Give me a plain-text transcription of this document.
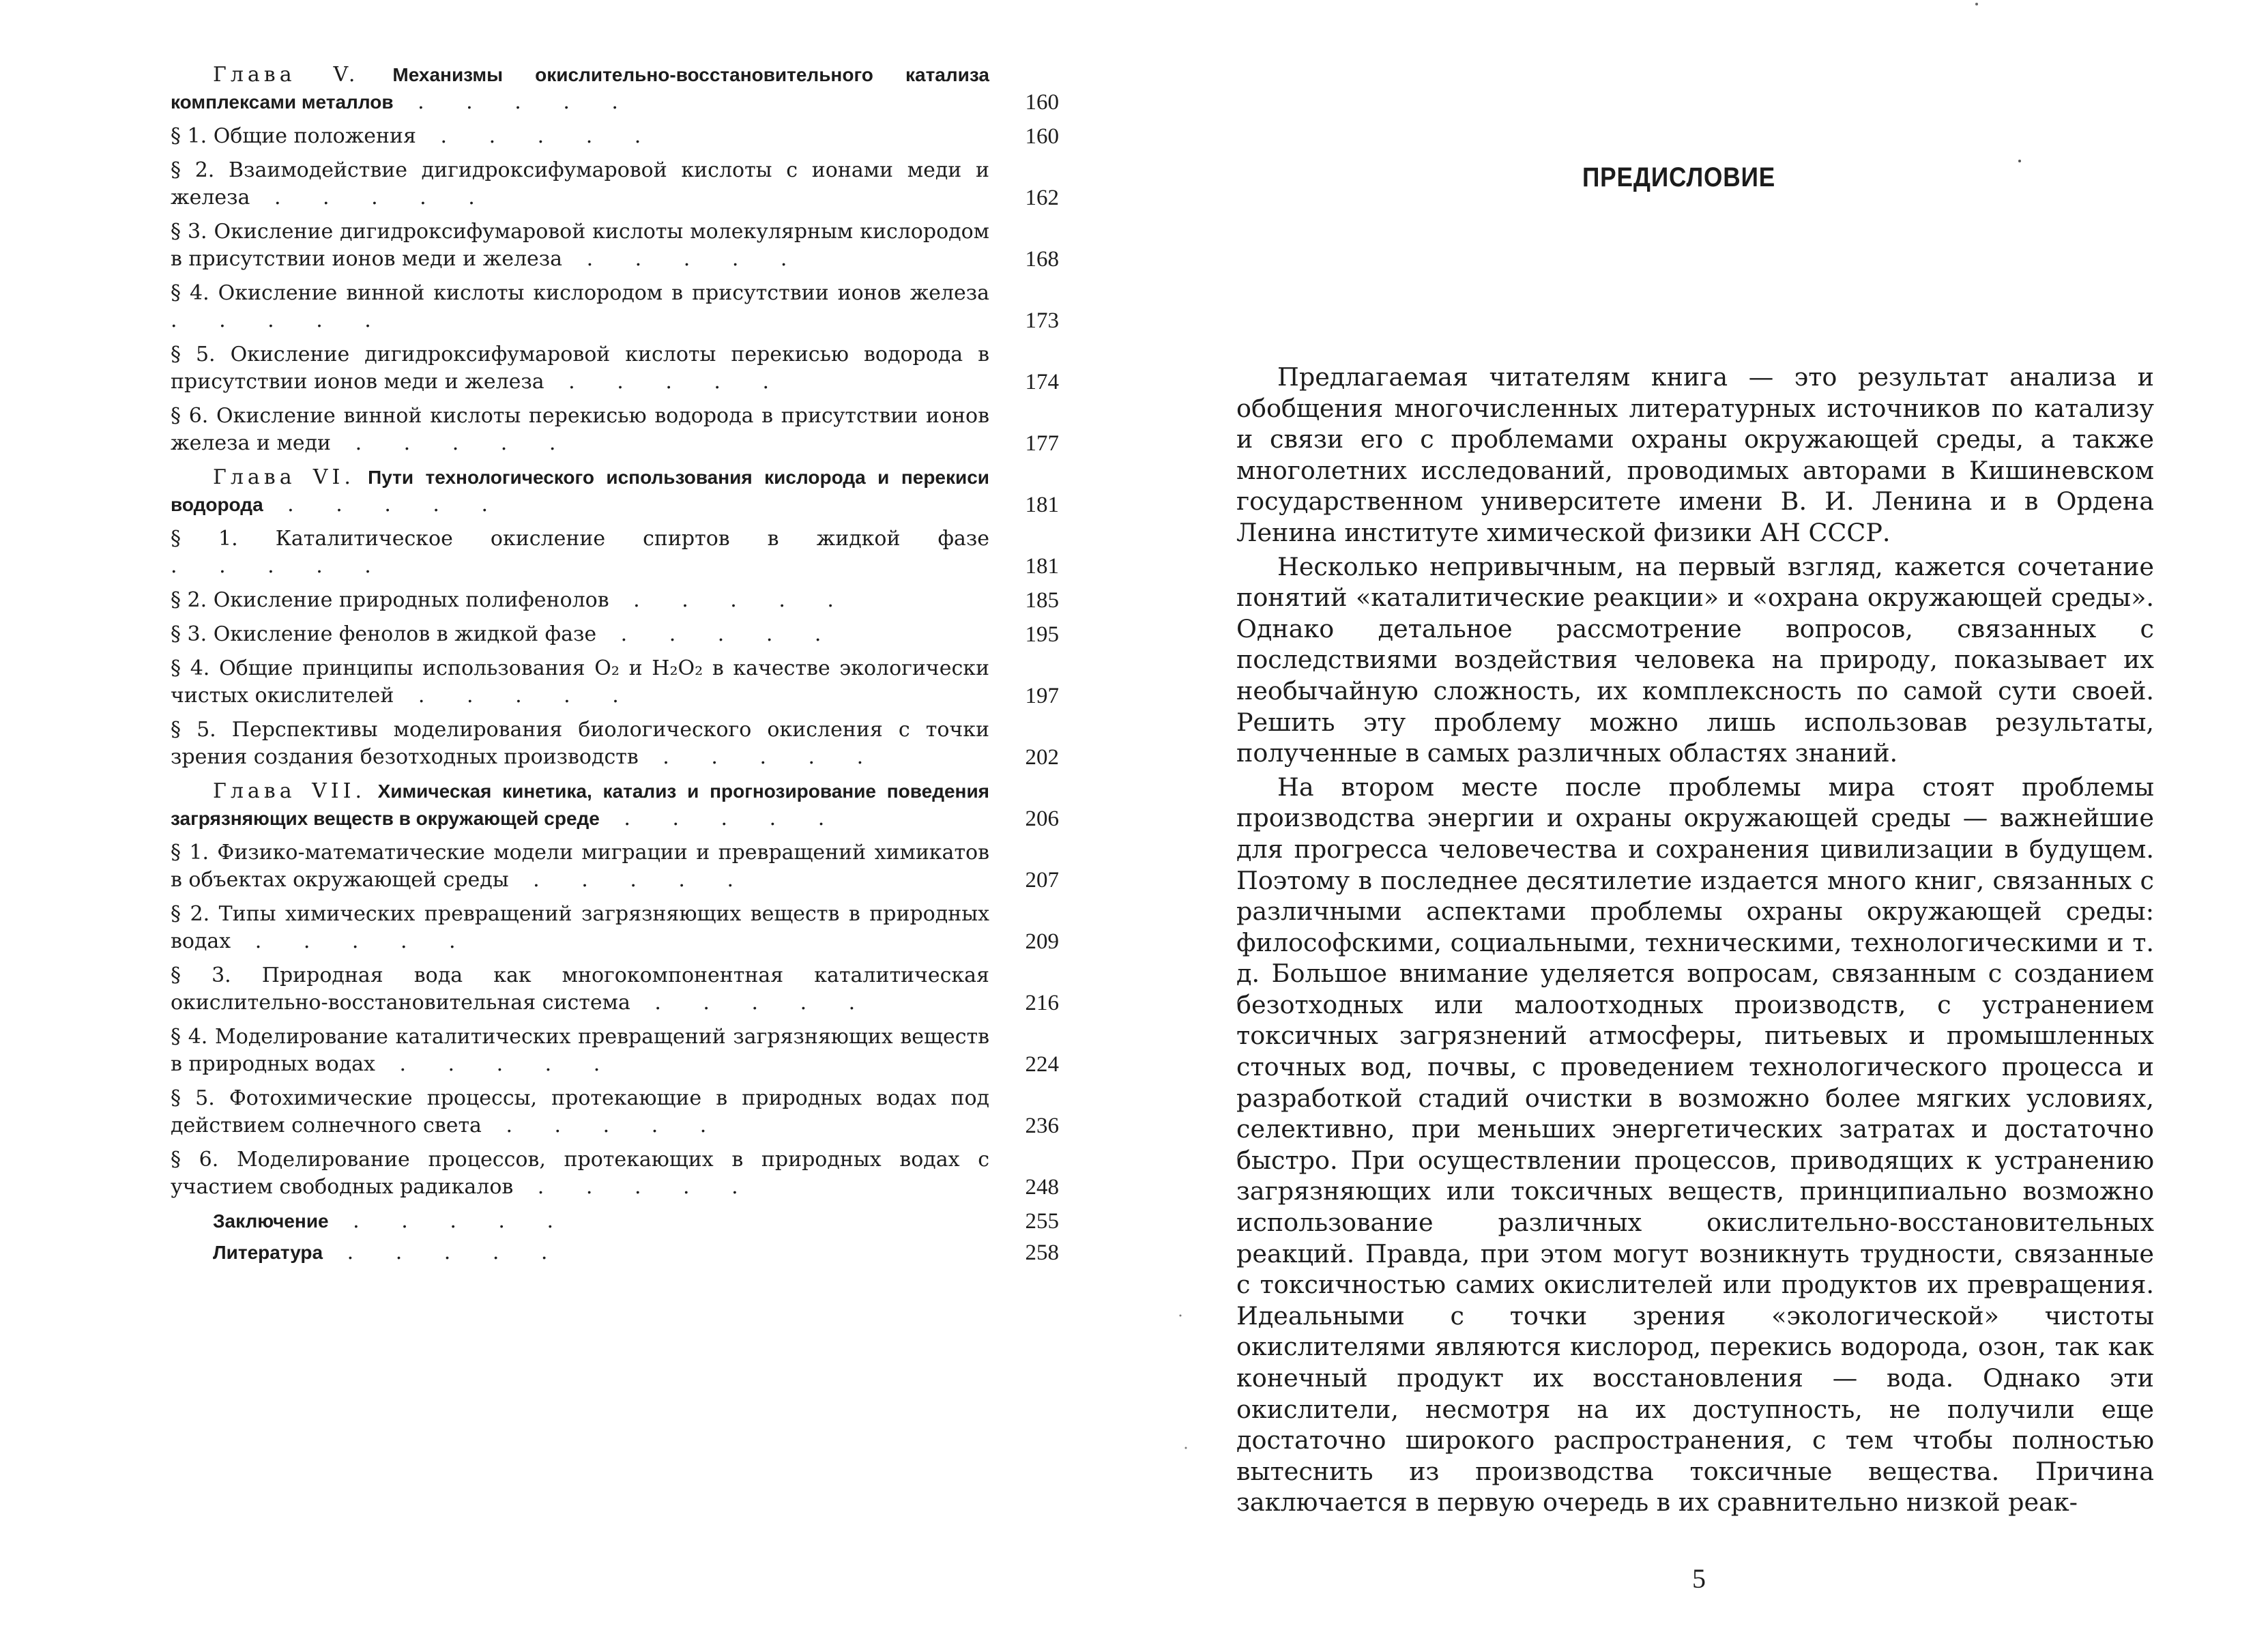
Глава V. Механизмы окислительно-восстановительного катализа комплексами металлов . . . . .	160
§ 1. Общие положения . . . . .	160
§ 2. Взаимодействие дигидроксифумаровой кислоты с ионами меди и железа . . . . .	162
§ 3. Окисление дигидроксифумаровой кислоты молекулярным кислородом в присутствии ионов меди и железа . . . . .	168
§ 4. Окисление винной кислоты кислородом в присутствии ионов железа . . . . .	173
§ 5. Окисление дигидроксифумаровой кислоты перекисью водорода в присутствии ионов меди и железа . . . . .	174
§ 6. Окисление винной кислоты перекисью водорода в присутствии ионов железа и меди . . . . .	177
Глава VI. Пути технологического использования кислорода и перекиси водорода . . . . .	181
§ 1. Каталитическое окисление спиртов в жидкой фазе . . . . .	181
§ 2. Окисление природных полифенолов . . . . .	185
§ 3. Окисление фенолов в жидкой фазе . . . . .	195
§ 4. Общие принципы использования O₂ и H₂O₂ в качестве экологически чистых окислителей . . . . .	197
§ 5. Перспективы моделирования биологического окисления с точки зрения создания безотходных производств . . . . .	202
Глава VII. Химическая кинетика, катализ и прогнозирование поведения загрязняющих веществ в окружающей среде . . . . .	206
§ 1. Физико-математические модели миграции и превращений химикатов в объектах окружающей среды . . . . .	207
§ 2. Типы химических превращений загрязняющих веществ в природных водах . . . . .	209
§ 3. Природная вода как многокомпонентная каталитическая окислительно-восстановительная система . . . . .	216
§ 4. Моделирование каталитических превращений загрязняющих веществ в природных водах . . . . .	224
§ 5. Фотохимические процессы, протекающие в природных водах под действием солнечного света . . . . .	236
§ 6. Моделирование процессов, протекающих в природных водах с участием свободных радикалов . . . . .	248
Заключение . . . . .	255
Литература . . . . .	258
ПРЕДИСЛОВИЕ

Предлагаемая читателям книга — это результат анализа и обобщения многочисленных литературных источников по катализу и связи его с проблемами охраны окружающей среды, а также многолетних исследований, проводимых авторами в Кишиневском государственном университете имени В. И. Ленина и в Ордена Ленина институте химической физики АН СССР.

Несколько непривычным, на первый взгляд, кажется сочетание понятий «каталитические реакции» и «охрана окружающей среды». Однако детальное рассмотрение вопросов, связанных с последствиями воздействия человека на природу, показывает их необычайную сложность, их комплексность по самой сути своей. Решить эту проблему можно лишь использовав результаты, полученные в самых различных областях знаний.

На втором месте после проблемы мира стоят проблемы производства энергии и охраны окружающей среды — важнейшие для прогресса человечества и сохранения цивилизации в будущем. Поэтому в последнее десятилетие издается много книг, связанных с различными аспектами проблемы охраны окружающей среды: философскими, социальными, техническими, технологическими и т. д. Большое внимание уделяется вопросам, связанным с созданием безотходных или малоотходных производств, с устранением токсичных загрязнений атмосферы, питьевых и промышленных сточных вод, почвы, с проведением технологического процесса и разработкой стадий очистки в возможно более мягких условиях, селективно, при меньших энергетических затратах и достаточно быстро. При осуществлении процессов, приводящих к устранению загрязняющих или токсичных веществ, принципиально возможно использование различных окислительно-восстановительных реакций. Правда, при этом могут возникнуть трудности, связанные с токсичностью самих окислителей или продуктов их превращения. Идеальными с точки зрения «экологической» чистоты окислителями являются кислород, перекись водорода, озон, так как конечный продукт их восстановления — вода. Однако эти окислители, несмотря на их доступность, не получили еще достаточно широкого распространения, с тем чтобы полностью вытеснить из производства токсичные вещества. Причина заключается в первую очередь в их сравнительно низкой реак-

5
